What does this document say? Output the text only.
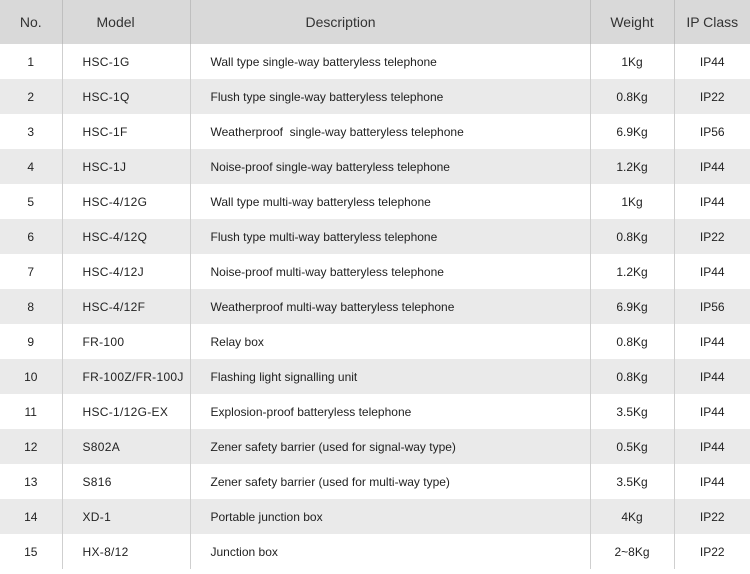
No.	Model	Description	Weight	IP Class
1	HSC-1G	Wall type single-way batteryless telephone	1Kg	IP44
2	HSC-1Q	Flush type single-way batteryless telephone	0.8Kg	IP22
3	HSC-1F	Weatherproof  single-way batteryless telephone	6.9Kg	IP56
4	HSC-1J	Noise-proof single-way batteryless telephone	1.2Kg	IP44
5	HSC-4/12G	Wall type multi-way batteryless telephone	1Kg	IP44
6	HSC-4/12Q	Flush type multi-way batteryless telephone	0.8Kg	IP22
7	HSC-4/12J	Noise-proof multi-way batteryless telephone	1.2Kg	IP44
8	HSC-4/12F	Weatherproof multi-way batteryless telephone	6.9Kg	IP56
9	FR-100	Relay box	0.8Kg	IP44
10	FR-100Z/FR-100J	Flashing light signalling unit	0.8Kg	IP44
11	HSC-1/12G-EX	Explosion-proof batteryless telephone	3.5Kg	IP44
12	S802A	Zener safety barrier (used for signal-way type)	0.5Kg	IP44
13	S816	Zener safety barrier (used for multi-way type)	3.5Kg	IP44
14	XD-1	Portable junction box	4Kg	IP22
15	HX-8/12	Junction box	2~8Kg	IP22
